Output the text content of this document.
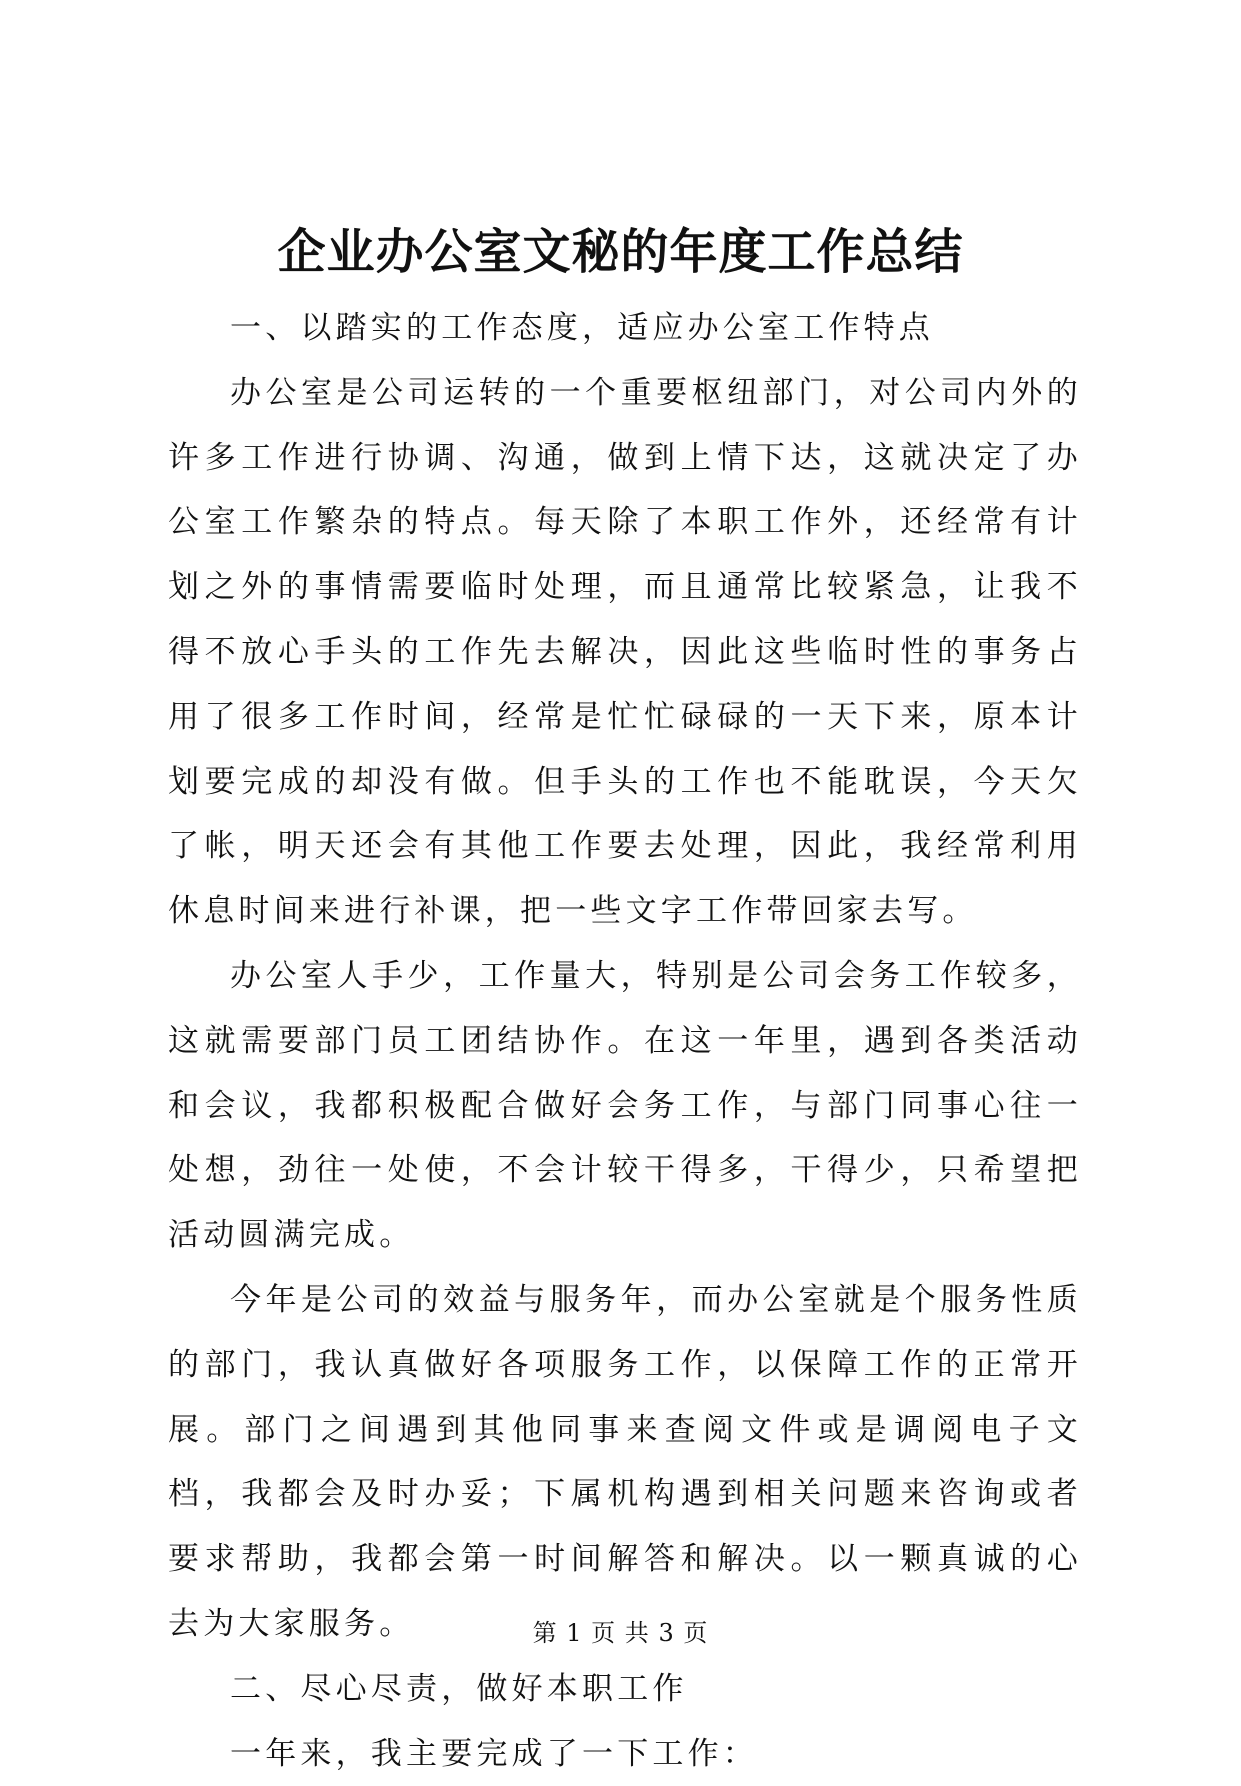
企业办公室文秘的年度工作总结

一、以踏实的工作态度，适应办公室工作特点

办公室是公司运转的一个重要枢纽部门，对公司内外的许多工作进行协调、沟通，做到上情下达，这就决定了办公室工作繁杂的特点。每天除了本职工作外，还经常有计划之外的事情需要临时处理，而且通常比较紧急，让我不得不放心手头的工作先去解决，因此这些临时性的事务占用了很多工作时间，经常是忙忙碌碌的一天下来，原本计划要完成的却没有做。但手头的工作也不能耽误，今天欠了帐，明天还会有其他工作要去处理，因此，我经常利用休息时间来进行补课，把一些文字工作带回家去写。

办公室人手少，工作量大，特别是公司会务工作较多，这就需要部门员工团结协作。在这一年里，遇到各类活动和会议，我都积极配合做好会务工作，与部门同事心往一处想，劲往一处使，不会计较干得多，干得少，只希望把活动圆满完成。

今年是公司的效益与服务年，而办公室就是个服务性质的部门，我认真做好各项服务工作，以保障工作的正常开展。部门之间遇到其他同事来查阅文件或是调阅电子文档，我都会及时办妥；下属机构遇到相关问题来咨询或者要求帮助，我都会第一时间解答和解决。以一颗真诚的心去为大家服务。

二、尽心尽责，做好本职工作

一年来，我主要完成了一下工作：

第 1 页 共 3 页
